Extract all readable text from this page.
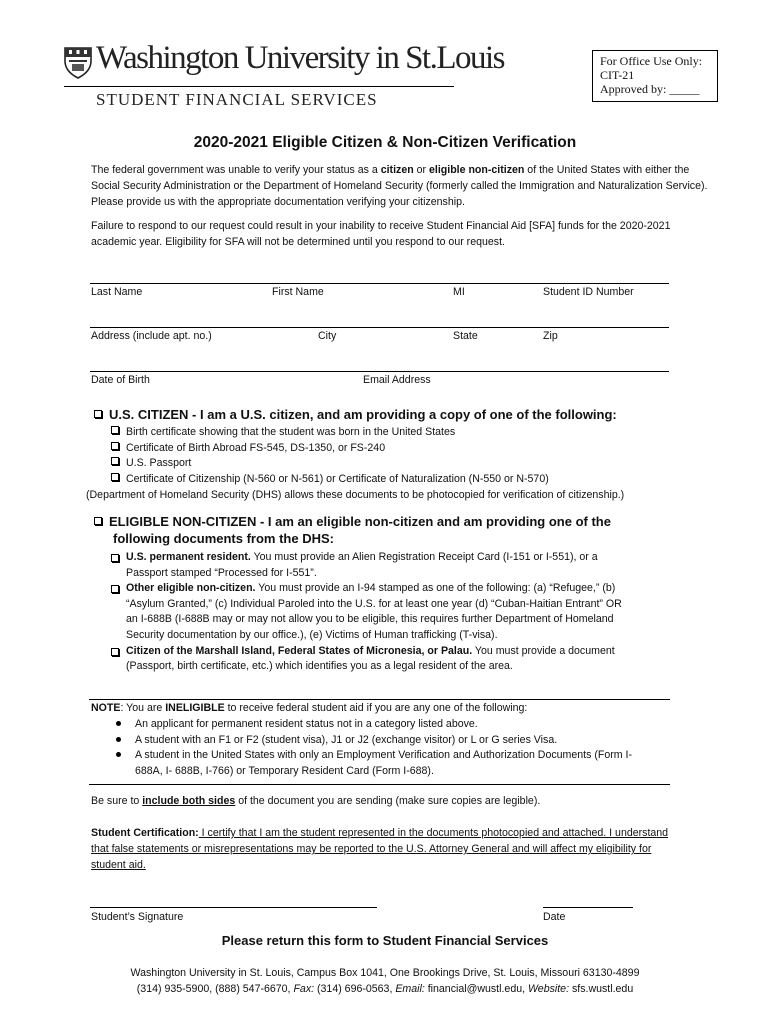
Washington University in St.Louis
STUDENT FINANCIAL SERVICES
For Office Use Only:
CIT-21
Approved by: _____
2020-2021 Eligible Citizen & Non-Citizen Verification
The federal government was unable to verify your status as a citizen or eligible non-citizen of the United States with either the Social Security Administration or the Department of Homeland Security (formerly called the Immigration and Naturalization Service). Please provide us with the appropriate documentation verifying your citizenship.
Failure to respond to our request could result in your inability to receive Student Financial Aid [SFA] funds for the 2020-2021 academic year. Eligibility for SFA will not be determined until you respond to our request.
Last Name	First Name	MI	Student ID Number
Address (include apt. no.)	City	State	Zip
Date of Birth	Email Address
U.S. CITIZEN - I am a U.S. citizen, and am providing a copy of one of the following:
Birth certificate showing that the student was born in the United States
Certificate of Birth Abroad FS-545, DS-1350, or FS-240
U.S. Passport
Certificate of Citizenship (N-560 or N-561) or Certificate of Naturalization (N-550 or N-570)
(Department of Homeland Security (DHS) allows these documents to be photocopied for verification of citizenship.)
ELIGIBLE NON-CITIZEN - I am an eligible non-citizen and am providing one of the
following documents from the DHS:
U.S. permanent resident. You must provide an Alien Registration Receipt Card (I-151 or I-551), or a Passport stamped “Processed for I-551”.
Other eligible non-citizen. You must provide an I-94 stamped as one of the following: (a) “Refugee,” (b) “Asylum Granted,” (c) Individual Paroled into the U.S. for at least one year (d) “Cuban-Haitian Entrant” OR an I-688B (I-688B may or may not allow you to be eligible, this requires further Department of Homeland Security documentation by our office.), (e) Victims of Human trafficking (T-visa).
Citizen of the Marshall Island, Federal States of Micronesia, or Palau. You must provide a document (Passport, birth certificate, etc.) which identifies you as a legal resident of the area.
NOTE: You are INELIGIBLE to receive federal student aid if you are any one of the following:
An applicant for permanent resident status not in a category listed above.
A student with an F1 or F2 (student visa), J1 or J2 (exchange visitor) or L or G series Visa.
A student in the United States with only an Employment Verification and Authorization Documents (Form I-688A, I- 688B, I-766) or Temporary Resident Card (Form I-688).
Be sure to include both sides of the document you are sending (make sure copies are legible).
Student Certification: I certify that I am the student represented in the documents photocopied and attached. I understand that false statements or misrepresentations may be reported to the U.S. Attorney General and will affect my eligibility for student aid.
Student’s Signature	Date
Please return this form to Student Financial Services
Washington University in St. Louis, Campus Box 1041, One Brookings Drive, St. Louis, Missouri 63130-4899
(314) 935-5900, (888) 547-6670, Fax: (314) 696-0563, Email: financial@wustl.edu, Website: sfs.wustl.edu
